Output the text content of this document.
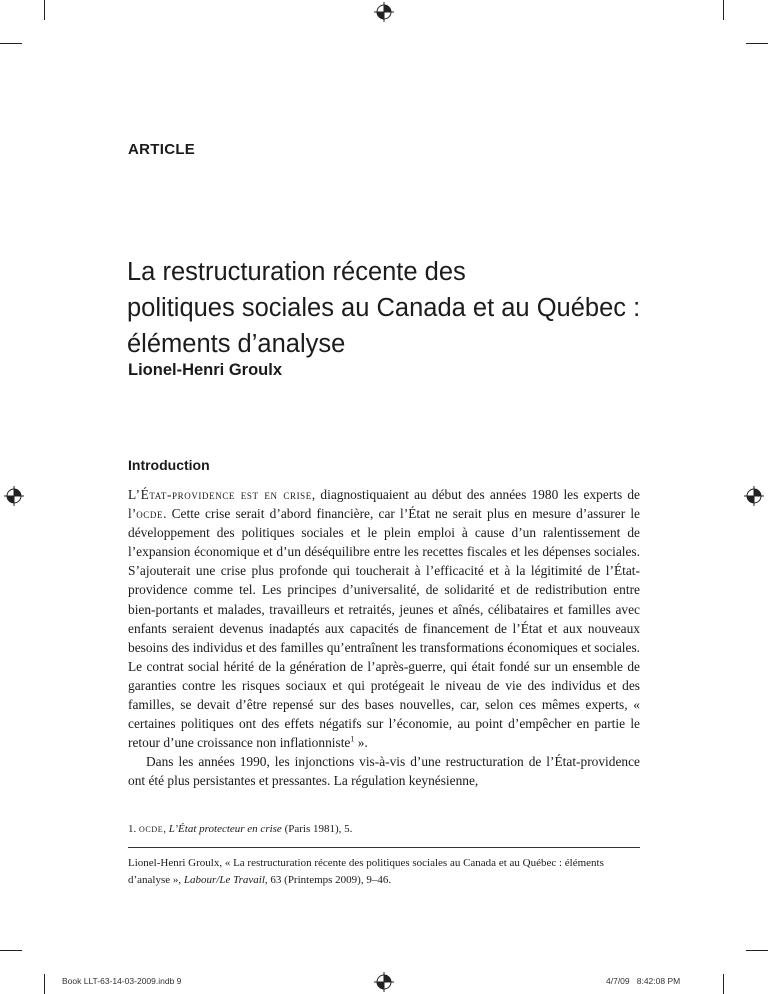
ARTICLE
La restructuration récente des
politiques sociales au Canada et au Québec :
éléments d’analyse
Lionel-Henri Groulx
Introduction

L’État-providence est en crise, diagnostiquaient au début des années 1980 les experts de l’ocde. Cette crise serait d’abord financière, car l’État ne serait plus en mesure d’assurer le développement des politiques sociales et le plein emploi à cause d’un ralentissement de l’expansion économique et d’un déséquilibre entre les recettes fiscales et les dépenses sociales. S’ajouterait une crise plus profonde qui toucherait à l’efficacité et à la légitimité de l’État-providence comme tel. Les principes d’universalité, de solidarité et de redistribution entre bien-portants et malades, travailleurs et retraités, jeunes et aînés, célibataires et familles avec enfants seraient devenus inadaptés aux capacités de financement de l’État et aux nouveaux besoins des individus et des familles qu’entraînent les transformations économiques et sociales. Le contrat social hérité de la génération de l’après-guerre, qui était fondé sur un ensemble de garanties contre les risques sociaux et qui protégeait le niveau de vie des individus et des familles, se devait d’être repensé sur des bases nouvelles, car, selon ces mêmes experts, « certaines politiques ont des effets négatifs sur l’économie, au point d’empêcher en partie le retour d’une croissance non inflationniste$^1$ ».

Dans les années 1990, les injonctions vis-à-vis d’une restructuration de l’État-providence ont été plus persistantes et pressantes. La régulation keynésienne,

1. ocde, L’État protecteur en crise (Paris 1981), 5.
Lionel-Henri Groulx, « La restructuration récente des politiques sociales au Canada et au Québec : éléments d’analyse », Labour/Le Travail, 63 (Printemps 2009), 9–46.
Book LLT-63-14-03-2009.indb 9	4/7/09 8:42:08 PM
